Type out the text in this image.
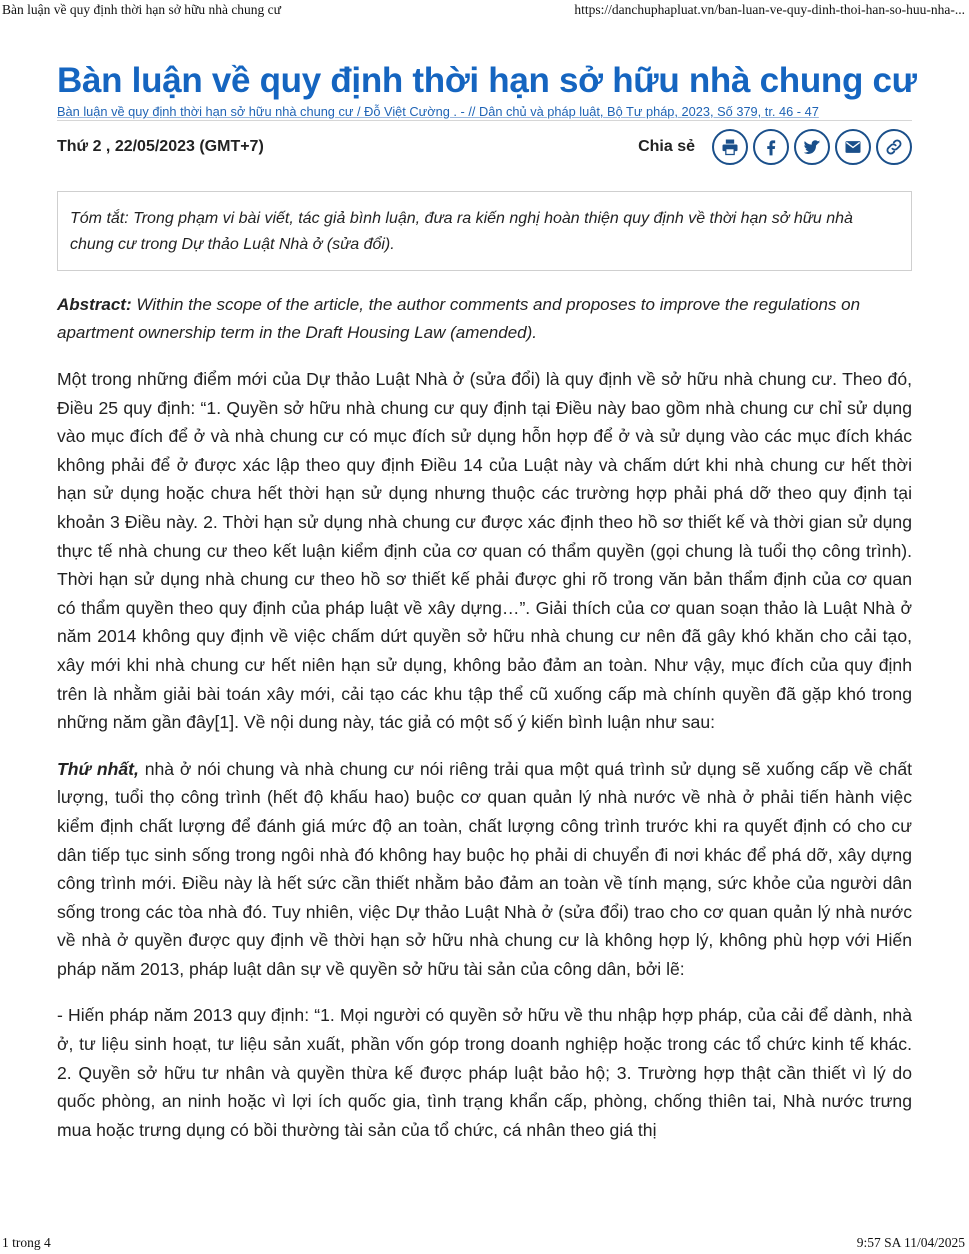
Bàn luận về quy định thời hạn sở hữu nhà chung cư	https://danchuphapluat.vn/ban-luan-ve-quy-dinh-thoi-han-so-huu-nha-...
Bàn luận về quy định thời hạn sở hữu nhà chung cư
Bàn luận về quy định thời hạn sở hữu nhà chung cư / Đỗ Việt Cường . - // Dân chủ và pháp luật, Bộ Tư pháp, 2023, Số 379, tr. 46 - 47
Thứ 2 , 22/05/2023 (GMT+7)	Chia sẻ

Tóm tắt: Trong phạm vi bài viết, tác giả bình luận, đưa ra kiến nghị hoàn thiện quy định về thời hạn sở hữu nhà chung cư trong Dự thảo Luật Nhà ở (sửa đổi).

Abstract: Within the scope of the article, the author comments and proposes to improve the regulations on apartment ownership term in the Draft Housing Law (amended).

Một trong những điểm mới của Dự thảo Luật Nhà ở (sửa đổi) là quy định về sở hữu nhà chung cư. Theo đó, Điều 25 quy định: “1. Quyền sở hữu nhà chung cư quy định tại Điều này bao gồm nhà chung cư chỉ sử dụng vào mục đích để ở và nhà chung cư có mục đích sử dụng hỗn hợp để ở và sử dụng vào các mục đích khác không phải để ở được xác lập theo quy định Điều 14 của Luật này và chấm dứt khi nhà chung cư hết thời hạn sử dụng hoặc chưa hết thời hạn sử dụng nhưng thuộc các trường hợp phải phá dỡ theo quy định tại khoản 3 Điều này. 2. Thời hạn sử dụng nhà chung cư được xác định theo hồ sơ thiết kế và thời gian sử dụng thực tế nhà chung cư theo kết luận kiểm định của cơ quan có thẩm quyền (gọi chung là tuổi thọ công trình). Thời hạn sử dụng nhà chung cư theo hồ sơ thiết kế phải được ghi rõ trong văn bản thẩm định của cơ quan có thẩm quyền theo quy định của pháp luật về xây dựng…”. Giải thích của cơ quan soạn thảo là Luật Nhà ở năm 2014 không quy định về việc chấm dứt quyền sở hữu nhà chung cư nên đã gây khó khăn cho cải tạo, xây mới khi nhà chung cư hết niên hạn sử dụng, không bảo đảm an toàn. Như vậy, mục đích của quy định trên là nhằm giải bài toán xây mới, cải tạo các khu tập thể cũ xuống cấp mà chính quyền đã gặp khó trong những năm gần đây[1]. Về nội dung này, tác giả có một số ý kiến bình luận như sau:

Thứ nhất, nhà ở nói chung và nhà chung cư nói riêng trải qua một quá trình sử dụng sẽ xuống cấp về chất lượng, tuổi thọ công trình (hết độ khấu hao) buộc cơ quan quản lý nhà nước về nhà ở phải tiến hành việc kiểm định chất lượng để đánh giá mức độ an toàn, chất lượng công trình trước khi ra quyết định có cho cư dân tiếp tục sinh sống trong ngôi nhà đó không hay buộc họ phải di chuyển đi nơi khác để phá dỡ, xây dựng công trình mới. Điều này là hết sức cần thiết nhằm bảo đảm an toàn về tính mạng, sức khỏe của người dân sống trong các tòa nhà đó. Tuy nhiên, việc Dự thảo Luật Nhà ở (sửa đổi) trao cho cơ quan quản lý nhà nước về nhà ở quyền được quy định về thời hạn sở hữu nhà chung cư là không hợp lý, không phù hợp với Hiến pháp năm 2013, pháp luật dân sự về quyền sở hữu tài sản của công dân, bởi lẽ:

- Hiến pháp năm 2013 quy định: “1. Mọi người có quyền sở hữu về thu nhập hợp pháp, của cải để dành, nhà ở, tư liệu sinh hoạt, tư liệu sản xuất, phần vốn góp trong doanh nghiệp hoặc trong các tổ chức kinh tế khác. 2. Quyền sở hữu tư nhân và quyền thừa kế được pháp luật bảo hộ; 3. Trường hợp thật cần thiết vì lý do quốc phòng, an ninh hoặc vì lợi ích quốc gia, tình trạng khẩn cấp, phòng, chống thiên tai, Nhà nước trưng mua hoặc trưng dụng có bồi thường tài sản của tổ chức, cá nhân theo giá thị

1 trong 4	9:57 SA 11/04/2025
